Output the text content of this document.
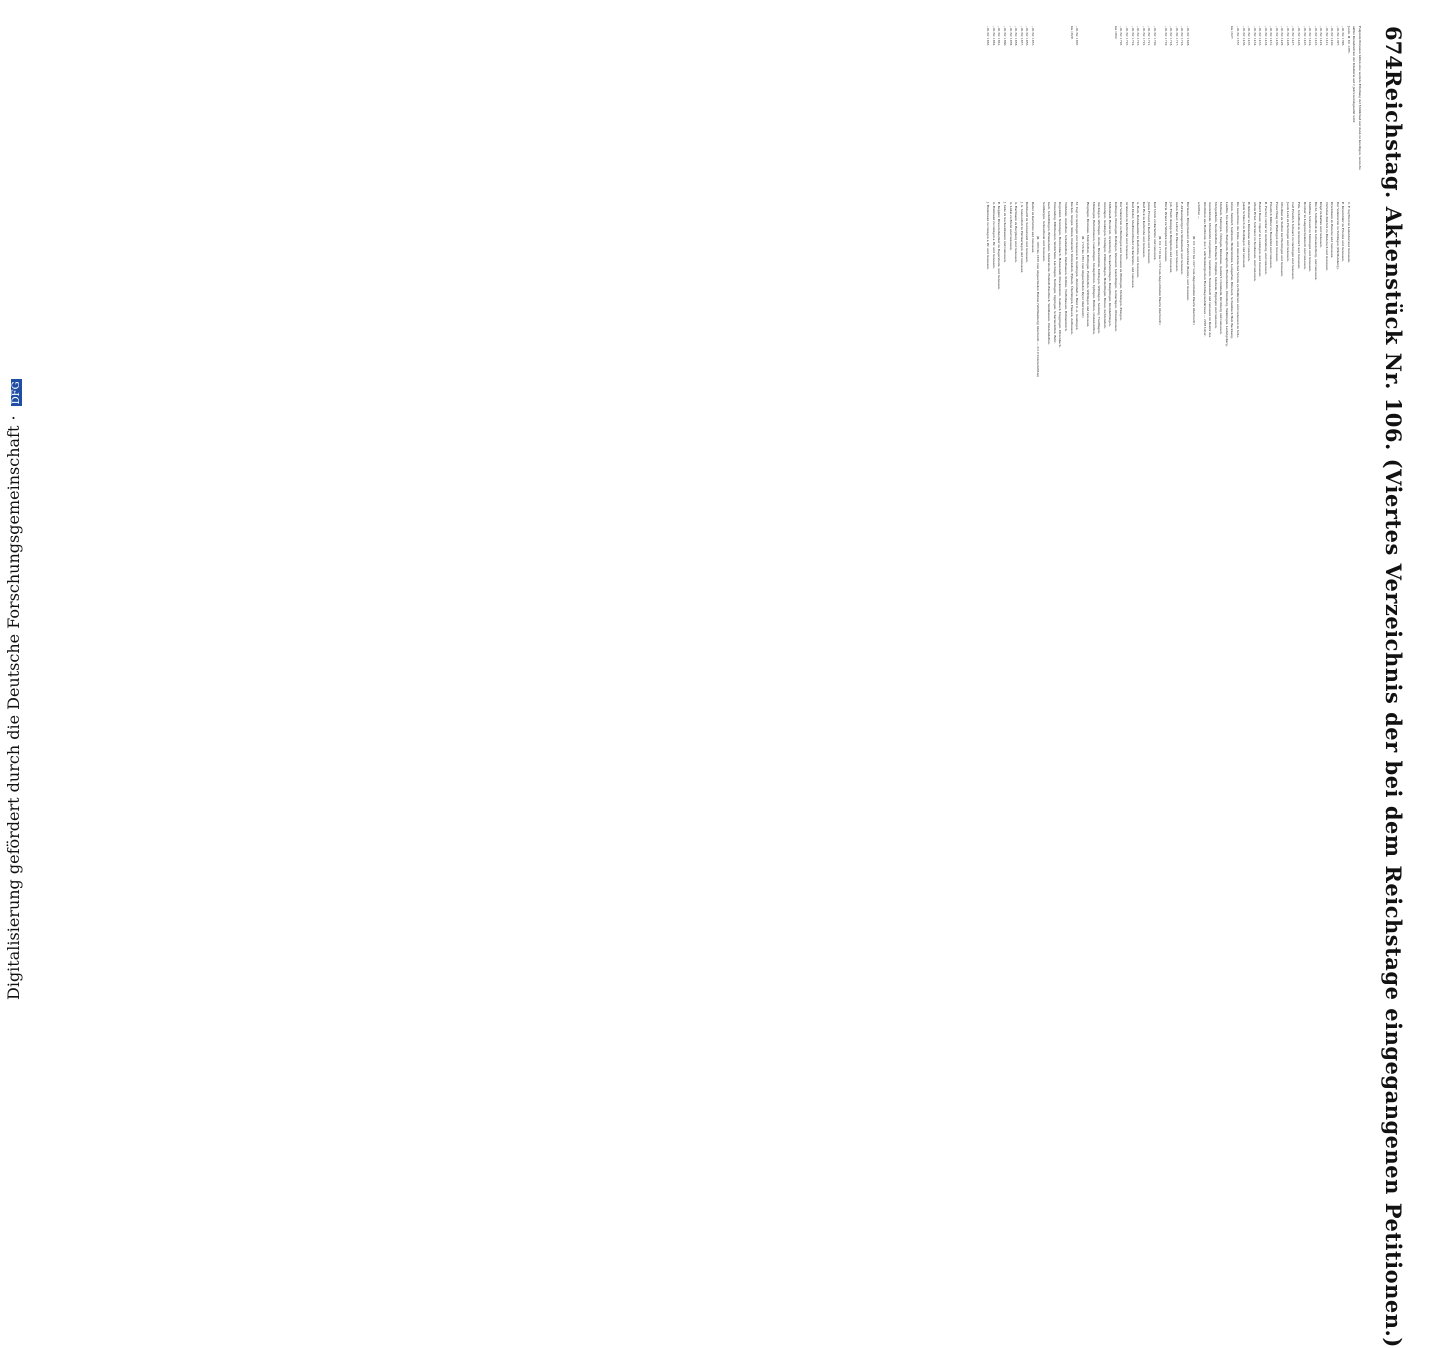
674
Reichstag. Aktenstück Nr. 106. (Viertes Verzeichnis der bei dem Reichstage eingegangenen Petitionen.)
Folgende Personen bitten eine weitere Erhöhung der Militärlast nur dann zu bewilligen, wenn die
aktive Dienstzeit bei der Infanterie auf 2 Jahre herabgesetzt wird:
Journ. II. Nr. 1395.
C. F. Seyfried zu Lobenhof und Genossen,
„ II. Nr. 1396.
E. Kronmüller zu Frieden und Genossen,
„ II. Nr. 1397.
Der Volksverein zu Tuttlingen (Württemberg),
„ II. Nr. 1420.
Dreckmann zu Belecke und Genossen,
„ II. Nr. 1421.
Christian Dietrich zu Biederach und Genossen,
„ II. Nr. 1422.
Krapf zu Kattau und Genossen,
„ II. Nr. 1423.
Hecht, Schultheiß zu Schwanderberg, und Genossen,
„ II. Nr. 1424.
Matthias Schwarz zu Meiningen und Genossen,
„ II. Nr. 1425.
Beutner zu Langenschemmern und Genossen,
„ II. Nr. 1426.
Frik, Schultheiß zu Grenzdorf, und Genossen,
„ II. Nr. 1427.
Carl Friedrich Schwarz zu Gächingen und Genossen,
„ II. Nr. 1428.
Jacob Lenz zu Hechingen und Genossen,
„ II. Nr. 1429.
Otto Klaß zu Stetten bei Hechingen und Genossen,
„ II. Nr. 1430.
Franz Haug zu Pfullingen und Genossen,
„ II. Nr. 1431.
Friedrich Müller zu Rosenfeld und Genossen,
„ II. Nr. 1432.
B. Fischer, Gerber zu Andersberg, und Genossen,
„ II. Nr. 1433.
Robert Bauer, Gipser zu Lenningen, und Genossen,
„ II. Nr. 1434.
Alfons Ernst, Schreiner zu Neuhausen, und Genossen,
„ II. Nr. 1435.
H. Kömmer zu Künzelsau und Genossen,
„ II. Nr. 1436.
Jakob Schlauch zu Deißlingen und Genossen,
„ II. Nr. 1555
Die Ausschüsse des Volks- und demokratischen Vereins zu Heilbronn und Genossen zu Scho-
bis 1627.
brunn, Sulzdorf, Sontheim, Hellersfelden, Leingarten, Biberach, Schwäbisch Hall, Backnang,
Lauffen, Neckarsulm, Bietigheim, Besigheim, Brackenheim, Weinsberg, Waiblingen, Ludwigsburg,
Marbach, Vaihingen, Öhringen, Künzelsau, Gaildorf, Crailsheim, Kirchberg und Genossen,
Mergentheim, Niederstetten, Eberbach, Wimpfen, Sinsheim, Eppingen und Genossen,
Gundelsheim, Möckmühl, Langenburg, Gerabronn, Neuenstadt und Genossen im Bezirk des
fürstlichen aus Heilbronn, des 3. württembergischen Reichstagswahlkreises — 2298 Unter-
schriften —
(II. Nr. 1555 bis 1627 vom Abgeordneten Haerle überreicht)
„ II. Nr. 1628.
Hermann, Bürgermeister zu Friedrichsthal (Baden), und Genossen,
„ II. Nr. 1716.
F. Altmannsperger zu Weißenbach und Genossen,
„ II. Nr. 1717.
Anton Bauer, Lehrer zu Hausen, und Genossen,
„ II. Nr. 1718.
Joh. Friedr. Kempp zu Bietigheim und Genossen,
„ II. Nr. 1719.
Herm. Brand zu Wimpfen und Genossen,
(II. Nr. 1716 bis 1719 vom Abgeordneten Haerle überreicht)
„ II. Nr. 1720.
Karl Ulrich zu Karlsruhe und Genossen,
„ II. Nr. 1721.
Julius Freund zu Karlsruhe und Genossen,
„ II. Nr. 1722.
Karl Rick zu Karlsruhe und Genossen,
„ II. Nr. 1723.
A. Reck, Bahnbeamter zu Karlsruhe, und Genossen,
„ II. Nr. 1724.
Karl Dieter, Stadtverordneter zu Karlsruhe, und Genossen,
„ II. Nr. 1725.
Großmann zu Karlsruhe und Genossen,
„ II. Nr. 1726
Der Volksverein zu Reutlingen und Genossen zu Pfullingen, Metzingen, Eningen,
bis 1802.
Dettingen, Mössingen, Betzingen, Wannweil, Sondelfingen, Gomaringen, Ohmenhausen,
Mittelstadt, Riederich, Grafenberg, Neckartenzlingen, Bempflingen, Kleinbettlingen,
Gönningen, Genkingen, Undingen, Willmandingen, Holzelfingen, Honau, Lichtenstein,
Gächingen, Würtingen, Glems, Bleichstetten, Dottingen, Wittlingen, Seeburg, Trailfingen,
Münsingen, Buttenhausen, Gomadingen, Steingebronn, Upfingen, Hülben, Grabenstetten,
Ringingen, Bremelau, Mehrstetten, Böttingen, Feldstetten, Wittlingen und Genossen,
(II. 1726 bis 1802 vom Abgeordneten Payer überreicht)
„ II. Nr. 1803
M. Vogt zu Geislingen und Genossen zu Geislingen, Altenstadt a. Haid O.-A. Geislingen,
bis 1829.
Kuchen, Gingen, Süßen, Donzdorf, Weißenstein, Eybach, Überkingen, Hausen, Aufhausen,
Türkheim, Amstetten, Schalkstetten, Waldhausen, Stötten, Treffelhausen, Böhmenkirch,
Degenfeld, Nenningen, Reichenbach, Hohenstadt, Drackenstein, Gosbach, Deggingen, Ditzenbach,
Wiesensteig, Mühlhausen, Westerheim, Laichingen, Nellingen, Oppingen, Scharenstetten, Rohr-
bach, Schnittlingen, Bräunisheim, Stubersheim, Hofstett-Emerbuch, Waldhausen, Weidenstetten,
Sontbergen, Schnaitheim und Genossen,
(II. 1803 bis 1829 vom Abgeordneten Hähnle (Württemberg) überreicht — 2110 Unterschriften)
„ II. Nr. 1855.
Balter zu Karlsruhe und Genossen,
„ II. Nr. 1856.
Burkhardt zu Sonnenwald und Genossen,
„ II. Nr. 1857.
J. G. Sonnenfroh zu Hermaringen und Genossen,
„ II. Nr. 1858.
G. Hartmann zu Burgberg und Genossen,
„ II. Nr. 1859.
G. Läßle zu Brenz und Genossen,
„ II. Nr. 1860.
J. Seile zu Sachsenhausen und Genossen,
„ II. Nr. 1861.
E. Keppler, Brauereibesitzer zu Dagersheim, und Genossen,
„ II. Nr. 1862.
G. Heilmann zu Giengen a. Br. und Genossen,
„ II. Nr. 1863.
J. Riedemann zu Giengen a. Br. und Genossen.
Digitalisierung gefördert durch die Deutsche Forschungsgemeinschaft · DFG
